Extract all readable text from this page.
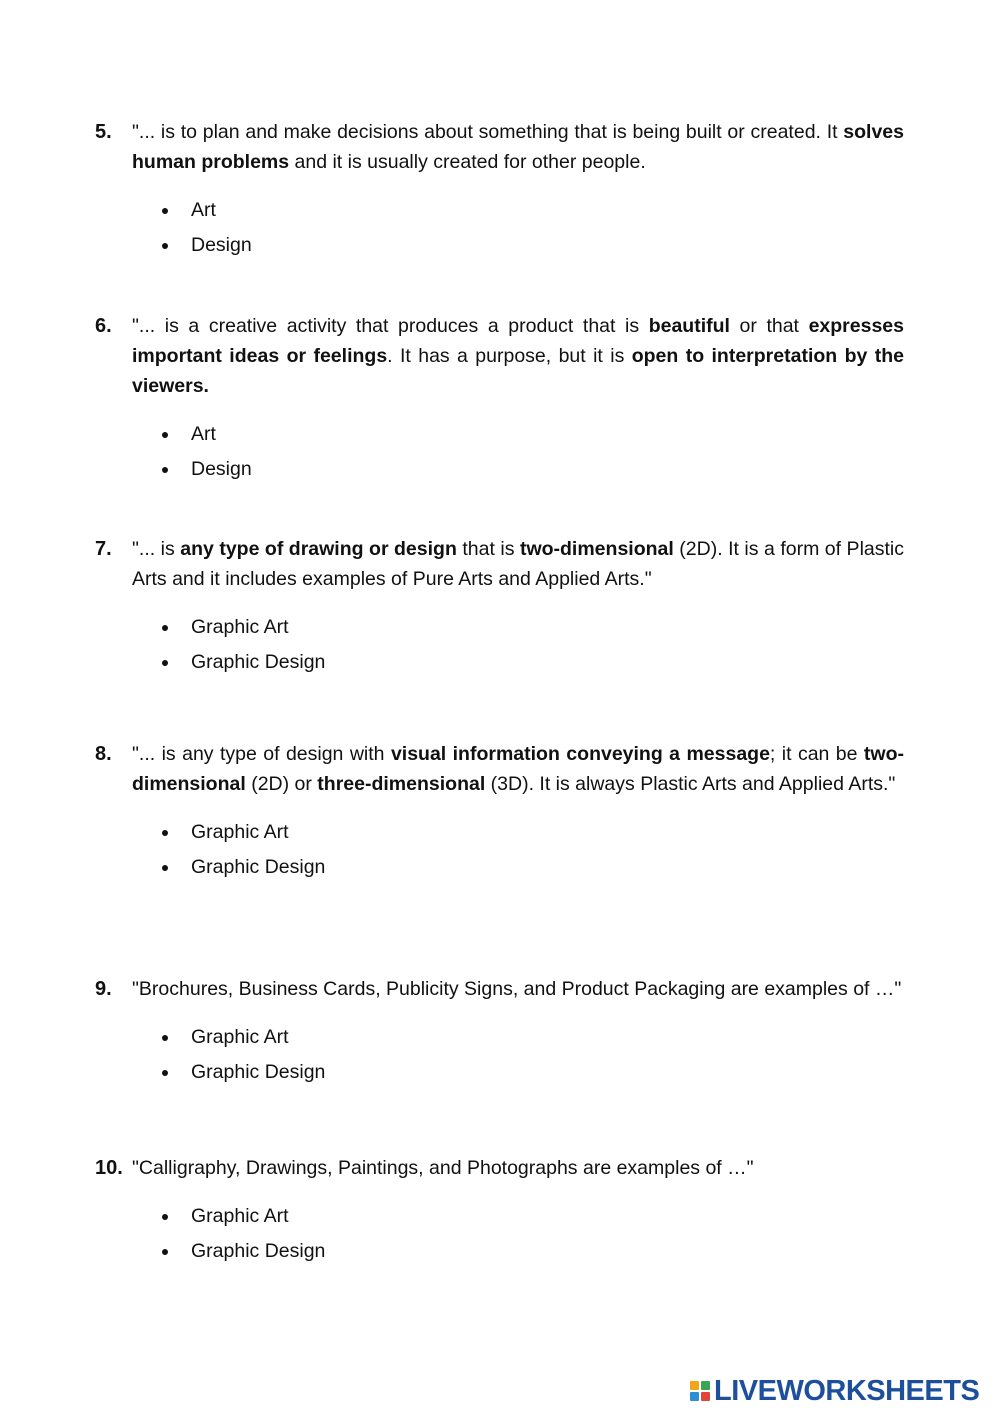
5.	"... is to plan and make decisions about something that is being built or created. It solves human problems and it is usually created for other people.
Art
Design
6.	"... is a creative activity that produces a product that is beautiful or that expresses important ideas or feelings. It has a purpose, but it is open to interpretation by the viewers.
Art
Design
7.	"... is any type of drawing or design that is two-dimensional (2D). It is a form of Plastic Arts and it includes examples of Pure Arts and Applied Arts."
Graphic Art
Graphic Design
8.	"... is any type of design with visual information conveying a message; it can be two-dimensional (2D) or three-dimensional (3D). It is always Plastic Arts and Applied Arts."
Graphic Art
Graphic Design
9.	"Brochures, Business Cards, Publicity Signs, and Product Packaging are examples of …"
Graphic Art
Graphic Design
10. "Calligraphy, Drawings, Paintings, and Photographs are examples of …"
Graphic Art
Graphic Design
LIVEWORKSHEETS
